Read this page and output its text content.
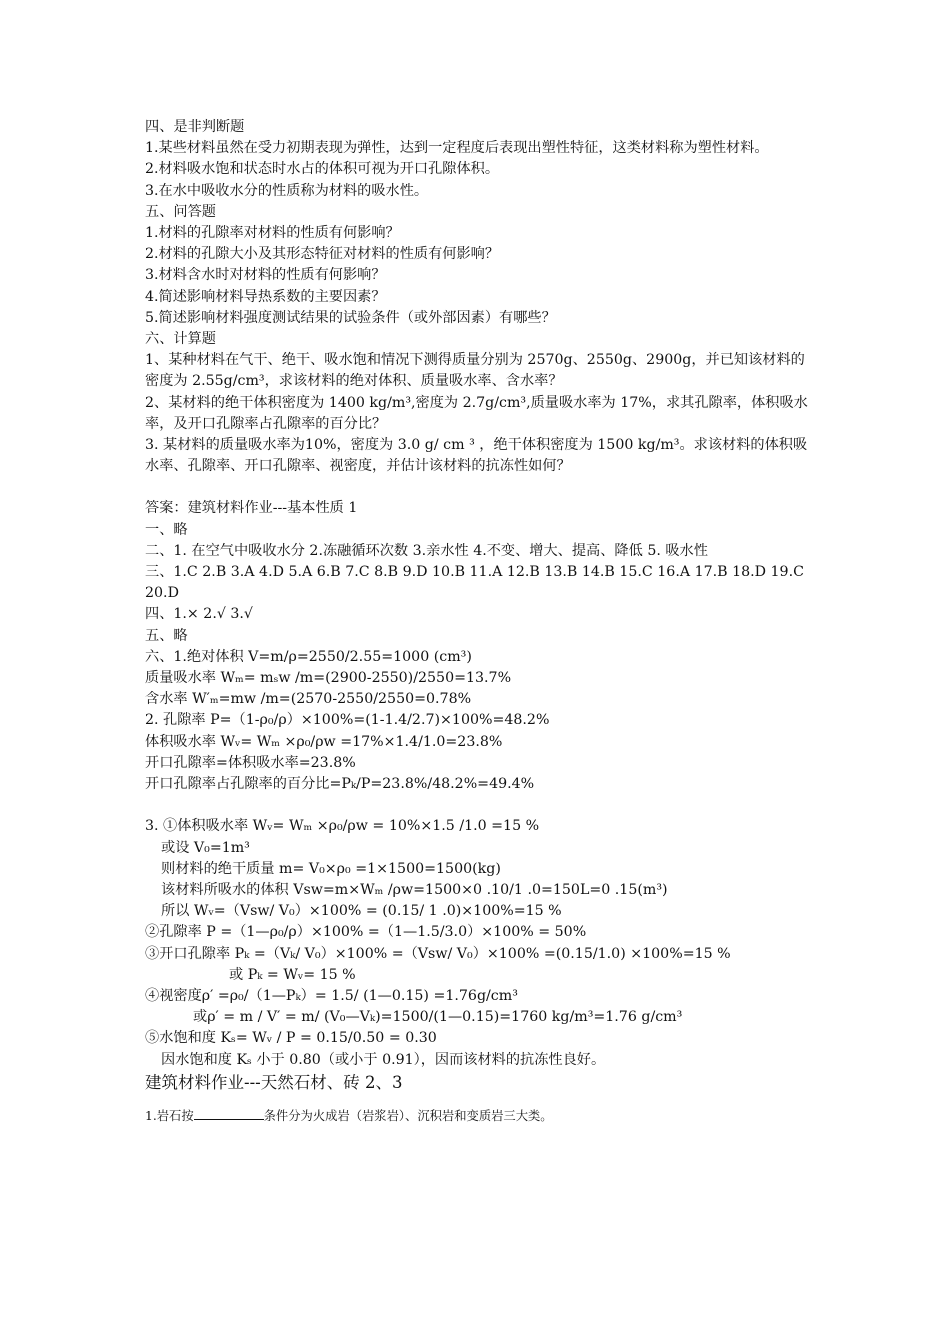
四、是非判断题
1.某些材料虽然在受力初期表现为弹性，达到一定程度后表现出塑性特征，这类材料称为塑性材料。
2.材料吸水饱和状态时水占的体积可视为开口孔隙体积。
3.在水中吸收水分的性质称为材料的吸水性。
五、问答题
1.材料的孔隙率对材料的性质有何影响？
2.材料的孔隙大小及其形态特征对材料的性质有何影响？
3.材料含水时对材料的性质有何影响？
4.简述影响材料导热系数的主要因素？
5.简述影响材料强度测试结果的试验条件（或外部因素）有哪些？
六、计算题
1、某种材料在气干、绝干、吸水饱和情况下测得质量分别为 2570g、2550g、2900g，并已知该材料的密度为 2.55g/cm³，求该材料的绝对体积、质量吸水率、含水率？
2、某材料的绝干体积密度为 1400 kg/m³,密度为 2.7g/cm³,质量吸水率为 17%，求其孔隙率，体积吸水率，及开口孔隙率占孔隙率的百分比？
3. 某材料的质量吸水率为10%，密度为 3.0 g/ cm ³ ，绝干体积密度为 1500 kg/m³。求该材料的体积吸水率、孔隙率、开口孔隙率、视密度，并估计该材料的抗冻性如何？
答案：建筑材料作业---基本性质 1
一、略
二、1. 在空气中吸收水分 2.冻融循环次数 3.亲水性 4.不变、增大、提高、降低 5. 吸水性
三、1.C 2.B 3.A 4.D 5.A 6.B 7.C 8.B 9.D 10.B 11.A 12.B 13.B 14.B 15.C 16.A 17.B 18.D 19.C 20.D
四、1.× 2.√ 3.√
五、略
六、1.绝对体积 V=m/ρ=2550/2.55=1000 (cm³)
质量吸水率 Wₘ= mₛw /m=(2900-2550)/2550=13.7%
含水率 W′ₘ=mw /m=(2570-2550/2550=0.78%
2. 孔隙率 P=（1-ρ₀/ρ）×100%=(1-1.4/2.7)×100%=48.2%
体积吸水率 Wᵥ= Wₘ ×ρ₀/ρw =17%×1.4/1.0=23.8%
开口孔隙率=体积吸水率=23.8%
开口孔隙率占孔隙率的百分比=Pₖ/P=23.8%/48.2%=49.4%
3. ①体积吸水率 Wᵥ= Wₘ ×ρ₀/ρw = 10%×1.5 /1.0 =15 %
或设 V₀=1m³
则材料的绝干质量 m= V₀×ρ₀ =1×1500=1500(kg)
该材料所吸水的体积 Vsw=m×Wₘ /ρw=1500×0 .10/1 .0=150L=0 .15(m³)
所以 Wᵥ=（Vsw/ V₀）×100% = (0.15/ 1 .0)×100%=15 %
②孔隙率 P =（1—ρ₀/ρ）×100% =（1—1.5/3.0）×100% = 50%
③开口孔隙率 Pₖ =（Vₖ/ V₀）×100% =（Vsw/ V₀）×100% =(0.15/1.0) ×100%=15 %
或 Pₖ = Wᵥ= 15 %
④视密度ρ′ =ρ₀/（1—Pₖ）= 1.5/ (1—0.15) =1.76g/cm³
或ρ′ = m / V′ = m/ (V₀—Vₖ)=1500/(1—0.15)=1760 kg/m³=1.76 g/cm³
⑤水饱和度 Kₛ= Wᵥ / P = 0.15/0.50 = 0.30
因水饱和度 Kₛ 小于 0.80（或小于 0.91），因而该材料的抗冻性良好。
建筑材料作业---天然石材、砖 2、3
1.岩石按	条件分为火成岩（岩浆岩）、沉积岩和变质岩三大类。
